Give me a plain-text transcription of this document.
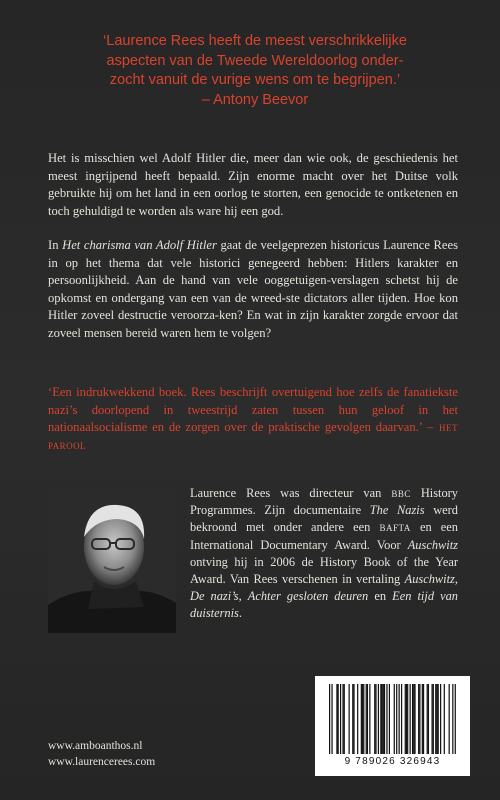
‘Laurence Rees heeft de meest verschrikkelijke
aspecten van de Tweede Wereldoorlog onder-
zocht vanuit de vurige wens om te begrijpen.’
– Antony Beevor

Het is misschien wel Adolf Hitler die, meer dan wie ook, de geschiedenis het meest ingrijpend heeft bepaald. Zijn enorme macht over het Duitse volk gebruikte hij om het land in een oorlog te storten, een genocide te ontketenen en toch gehuldigd te worden als ware hij een god.

In Het charisma van Adolf Hitler gaat de veelgeprezen historicus Laurence Rees in op het thema dat vele historici genegeerd hebben: Hitlers karakter en persoonlijkheid. Aan de hand van vele ooggetuigen-verslagen schetst hij de opkomst en ondergang van een van de wreed-ste dictators aller tijden. Hoe kon Hitler zoveel destructie veroorza-ken? En wat in zijn karakter zorgde ervoor dat zoveel mensen bereid waren hem te volgen?

‘Een indrukwekkend boek. Rees beschrijft overtuigend hoe zelfs de fanatiekste nazi’s doorlopend in tweestrijd zaten tussen hun geloof in het nationaalsocialisme en de zorgen over de praktische gevolgen daarvan.’ – het parool

Laurence Rees was directeur van bbc History Programmes. Zijn documentaire The Nazis werd bekroond met onder andere een bafta en een International Documentary Award. Voor Auschwitz ontving hij in 2006 de History Book of the Year Award. Van Rees verschenen in vertaling Auschwitz, De nazi’s, Achter gesloten deuren en Een tijd van duisternis.

www.amboanthos.nl
www.laurencerees.com	9 789026 326943
